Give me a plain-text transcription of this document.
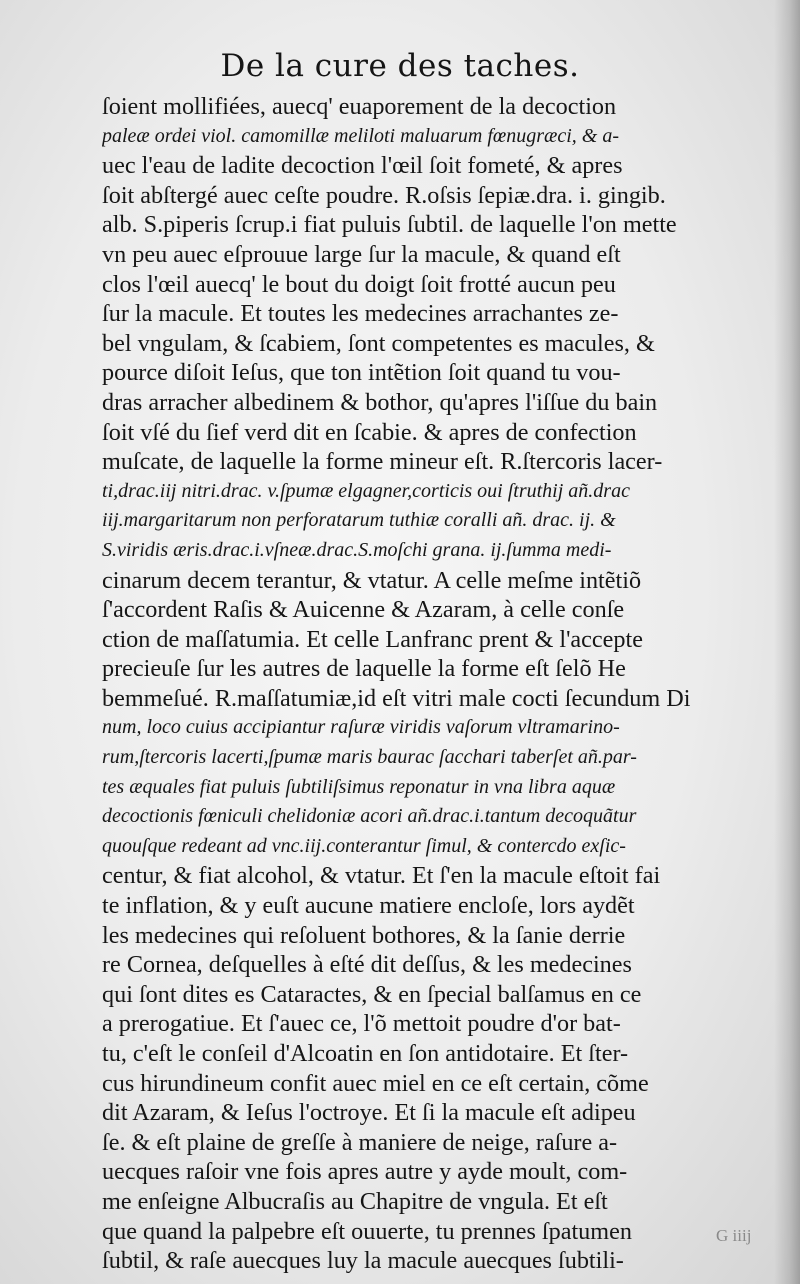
De la cure des taches.
ſoient mollifiées, auecq' euaporement de la decoction
paleæ ordei viol. camomillæ meliloti maluarum fœnugræci, & a-
uec l'eau de ladite decoction l'œil ſoit fometé, & apres
ſoit abſtergé auec ceſte poudre. R.oſsis ſepiæ.dra. i. gingib.
alb. S.piperis ſcrup.i fiat puluis ſubtil. de laquelle l'on mette
vn peu auec eſprouue large ſur la macule, & quand eſt
clos l'œil auecq' le bout du doigt ſoit frotté aucun peu
ſur la macule. Et toutes les medecines arrachantes ze-
bel vngulam, & ſcabiem, ſont competentes es macules, &
pource diſoit Ieſus, que ton intẽtion ſoit quand tu vou-
dras arracher albedinem & bothor, qu'apres l'iſſue du bain
ſoit vſé du ſief verd dit en ſcabie. & apres de confection
muſcate, de laquelle la forme mineur eſt. R.ſtercoris lacer-
ti,drac.iij nitri.drac. v.ſpumæ elgagner,corticis oui ſtruthij añ.drac
iij.margaritarum non perforatarum tuthiæ coralli añ. drac. ij. &
S.viridis æris.drac.i.vſneæ.drac.S.moſchi grana. ij.ſumma medi-
cinarum decem terantur, & vtatur. A celle meſme intẽtiõ
ſ'accordent Raſis & Auicenne & Azaram, à celle conſe
ction de maſſatumia. Et celle Lanfranc prent & l'accepte
precieuſe ſur les autres de laquelle la forme eſt ſelõ He
bemmeſué. R.maſſatumiæ,id eſt vitri male cocti ſecundum Di
num, loco cuius accipiantur raſuræ viridis vaſorum vltramarino-
rum,ſtercoris lacerti,ſpumæ maris baurac ſacchari taberſet añ.par-
tes æquales fiat puluis ſubtiliſsimus reponatur in vna libra aquæ
decoctionis fœniculi chelidoniæ acori añ.drac.i.tantum decoquãtur
quouſque redeant ad vnc.iij.conterantur ſimul, & contercdo exſic-
centur, & fiat alcohol, & vtatur. Et ſ'en la macule eſtoit fai
te inflation, & y euſt aucune matiere encloſe, lors aydẽt
les medecines qui reſoluent bothores, & la ſanie derrie
re Cornea, deſquelles à eſté dit deſſus, & les medecines
qui ſont dites es Cataractes, & en ſpecial balſamus en ce
a prerogatiue. Et ſ'auec ce, l'õ mettoit poudre d'or bat-
tu, c'eſt le conſeil d'Alcoatin en ſon antidotaire. Et ſter-
cus hirundineum confit auec miel en ce eſt certain, cõme
dit Azaram, & Ieſus l'octroye. Et ſi la macule eſt adipeu
ſe. & eſt plaine de greſſe à maniere de neige, raſure a-
uecques raſoir vne fois apres autre y ayde moult, com-
me enſeigne Albucraſis au Chapitre de vngula. Et eſt
que quand la palpebre eſt ouuerte, tu prennes ſpatumen
ſubtil, & raſe auecques luy la macule auecques ſubtili-
G iiij
